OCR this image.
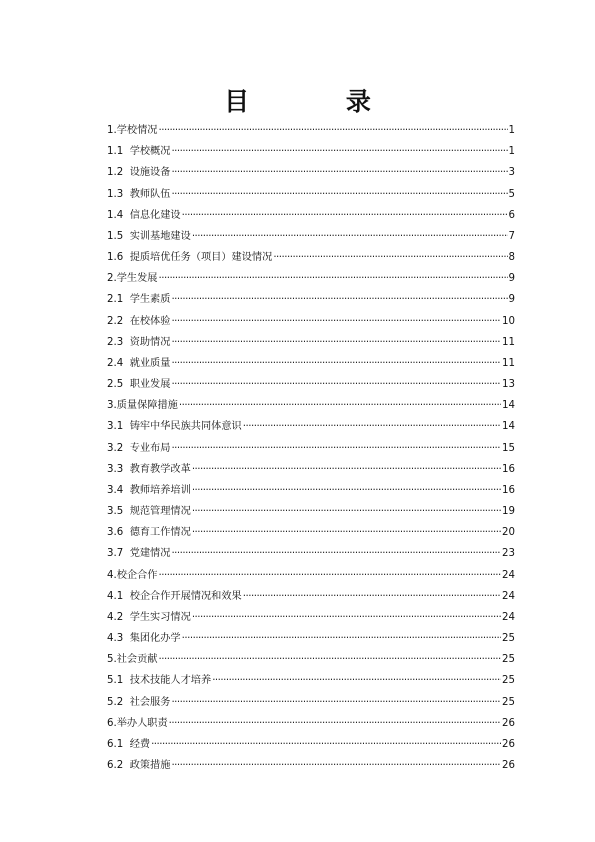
目 录
1. 学校情况 ·····	1
1.1 学校概况 ·····	1
1.2 设施设备 ·····	3
1.3 教师队伍 ·····	5
1.4 信息化建设 ·····	6
1.5 实训基地建设 ·····	7
1.6 提质培优任务（项目）建设情况 ·····	8
2. 学生发展 ·····	9
2.1 学生素质 ·····	9
2.2 在校体验 ·····	10
2.3 资助情况 ·····	11
2.4 就业质量 ·····	11
2.5 职业发展 ·····	13
3. 质量保障措施 ·····	14
3.1 铸牢中华民族共同体意识 ·····	14
3.2 专业布局 ·····	15
3.3 教育教学改革 ·····	16
3.4 教师培养培训 ·····	16
3.5 规范管理情况 ·····	19
3.6 德育工作情况 ·····	20
3.7 党建情况 ·····	23
4. 校企合作 ·····	24
4.1 校企合作开展情况和效果 ·····	24
4.2 学生实习情况 ·····	24
4.3 集团化办学 ·····	25
5. 社会贡献 ·····	25
5.1 技术技能人才培养 ·····	25
5.2 社会服务 ·····	25
6. 举办人职责 ·····	26
6.1 经费 ·····	26
6.2 政策措施 ·····	26
